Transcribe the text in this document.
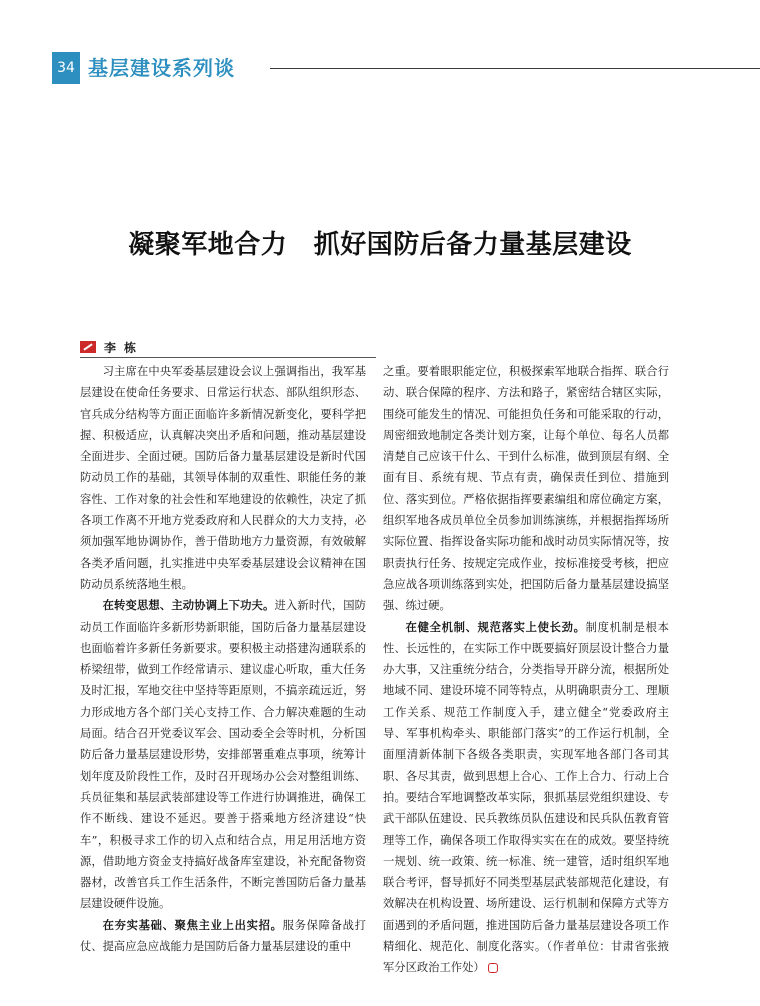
34 基层建设系列谈
凝聚军地合力　抓好国防后备力量基层建设
李栋

习主席在中央军委基层建设会议上强调指出，我军基层建设在使命任务要求、日常运行状态、部队组织形态、官兵成分结构等方面正面临许多新情况新变化，要科学把握、积极适应，认真解决突出矛盾和问题，推动基层建设全面进步、全面过硬。国防后备力量基层建设是新时代国防动员工作的基础，其领导体制的双重性、职能任务的兼容性、工作对象的社会性和军地建设的依赖性，决定了抓各项工作离不开地方党委政府和人民群众的大力支持，必须加强军地协调协作，善于借助地方力量资源，有效破解各类矛盾问题，扎实推进中央军委基层建设会议精神在国防动员系统落地生根。

在转变思想、主动协调上下功夫。进入新时代，国防动员工作面临许多新形势新职能，国防后备力量基层建设也面临着许多新任务新要求。要积极主动搭建沟通联系的桥梁纽带，做到工作经常请示、建议虚心听取，重大任务及时汇报，军地交往中坚持等距原则，不搞亲疏远近，努力形成地方各个部门关心支持工作、合力解决难题的生动局面。结合召开党委议军会、国动委全会等时机，分析国防后备力量基层建设形势，安排部署重难点事项，统筹计划年度及阶段性工作，及时召开现场办公会对整组训练、兵员征集和基层武装部建设等工作进行协调推进，确保工作不断线、建设不延迟。要善于搭乘地方经济建设“快车”，积极寻求工作的切入点和结合点，用足用活地方资源，借助地方资金支持搞好战备库室建设，补充配备物资器材，改善官兵工作生活条件，不断完善国防后备力量基层建设硬件设施。

在夯实基础、聚焦主业上出实招。服务保障备战打仗、提高应急应战能力是国防后备力量基层建设的重中

之重。要着眼职能定位，积极探索军地联合指挥、联合行动、联合保障的程序、方法和路子，紧密结合辖区实际，围绕可能发生的情况、可能担负任务和可能采取的行动，周密细致地制定各类计划方案，让每个单位、每名人员都清楚自己应该干什么、干到什么标准，做到顶层有纲、全面有目、系统有规、节点有责，确保责任到位、措施到位、落实到位。严格依据指挥要素编组和席位确定方案，组织军地各成员单位全员参加训练演练，并根据指挥场所实际位置、指挥设备实际功能和战时动员实际情况等，按职责执行任务、按规定完成作业，按标准接受考核，把应急应战各项训练落到实处，把国防后备力量基层建设搞坚强、练过硬。

在健全机制、规范落实上使长劲。制度机制是根本性、长远性的，在实际工作中既要搞好顶层设计整合力量办大事，又注重统分结合，分类指导开辟分流，根据所处地域不同、建设环境不同等特点，从明确职责分工、理顺工作关系、规范工作制度入手，建立健全“党委政府主导、军事机构牵头、职能部门落实”的工作运行机制，全面厘清新体制下各级各类职责，实现军地各部门各司其职、各尽其责，做到思想上合心、工作上合力、行动上合拍。要结合军地调整改革实际，狠抓基层党组织建设、专武干部队伍建设、民兵教练员队伍建设和民兵队伍教育管理等工作，确保各项工作取得实实在在的成效。要坚持统一规划、统一政策、统一标准、统一建管，适时组织军地联合考评，督导抓好不同类型基层武装部规范化建设，有效解决在机构设置、场所建设、运行机制和保障方式等方面遇到的矛盾问题，推进国防后备力量基层建设各项工作精细化、规范化、制度化落实。（作者单位：甘肃省张掖军分区政治工作处）
